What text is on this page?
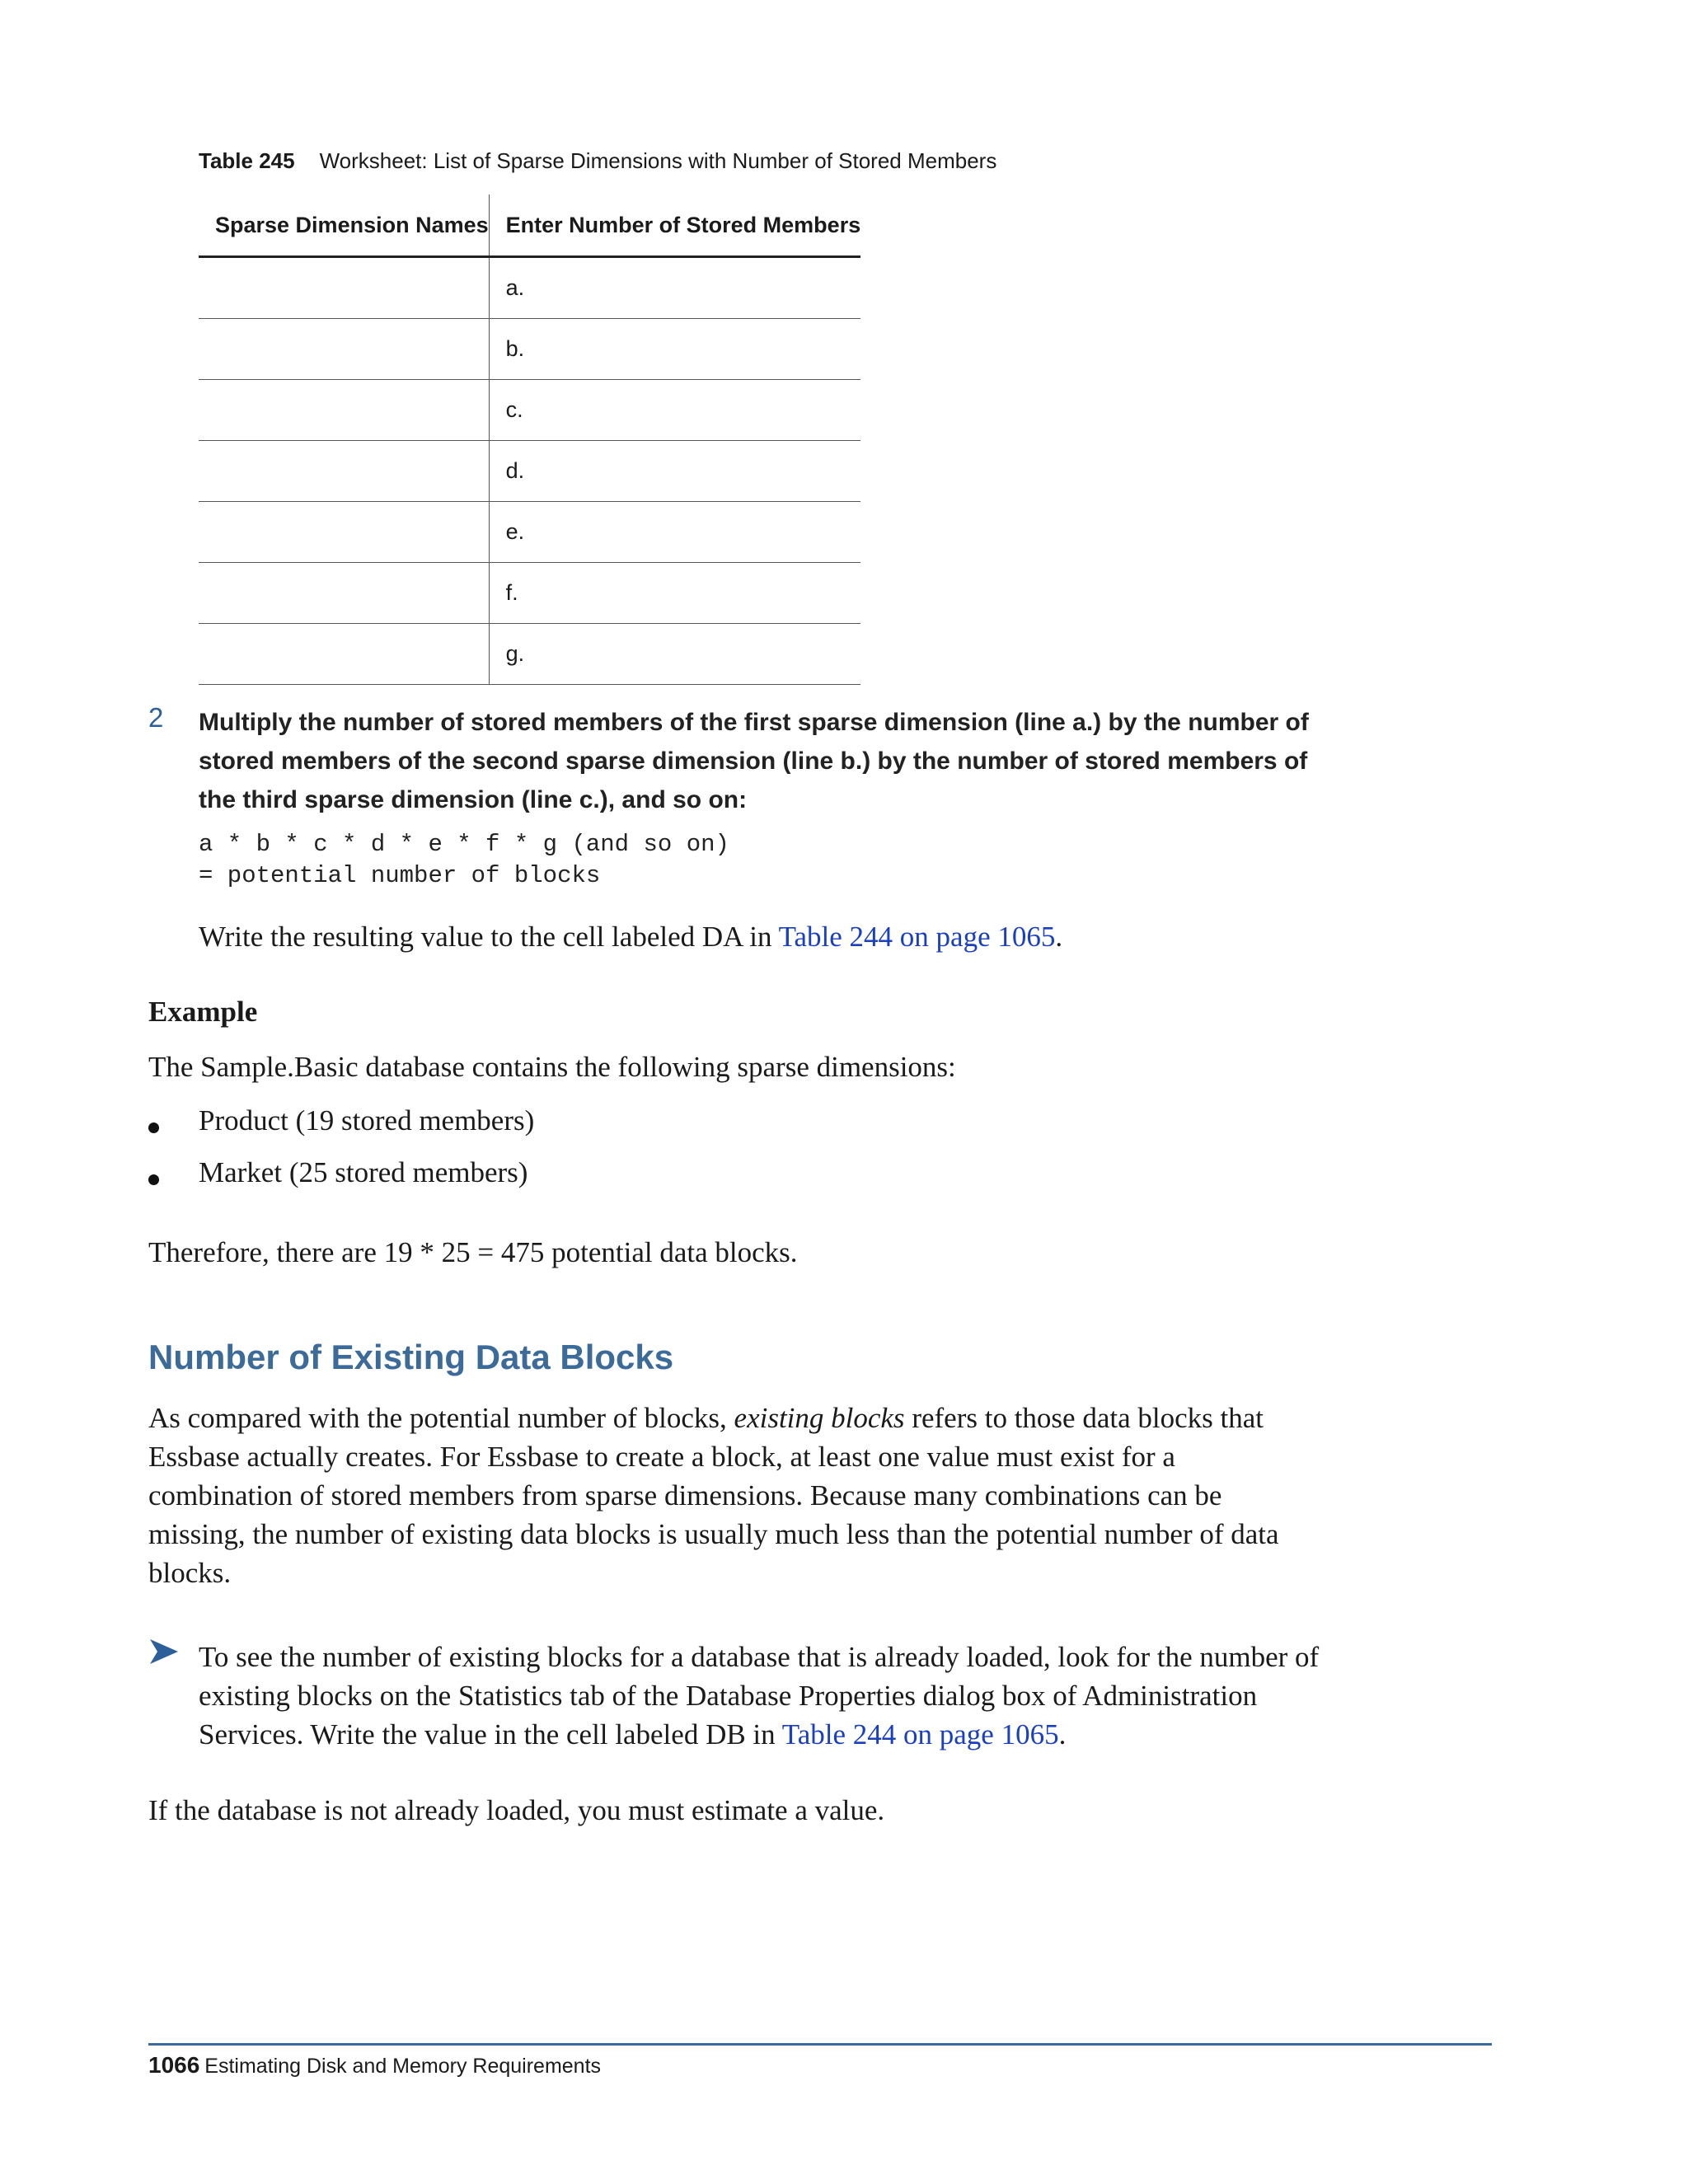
Table 245 Worksheet: List of Sparse Dimensions with Number of Stored Members
Sparse Dimension Names	Enter Number of Stored Members
	a.
	b.
	c.
	d.
	e.
	f.
	g.
2 Multiply the number of stored members of the first sparse dimension (line a.) by the number of stored members of the second sparse dimension (line b.) by the number of stored members of the third sparse dimension (line c.), and so on:
a * b * c * d * e * f * g (and so on)
= potential number of blocks
Write the resulting value to the cell labeled DA in Table 244 on page 1065.
Example
The Sample.Basic database contains the following sparse dimensions:
Product (19 stored members)
Market (25 stored members)
Therefore, there are 19 * 25 = 475 potential data blocks.
Number of Existing Data Blocks
As compared with the potential number of blocks, existing blocks refers to those data blocks that Essbase actually creates. For Essbase to create a block, at least one value must exist for a combination of stored members from sparse dimensions. Because many combinations can be missing, the number of existing data blocks is usually much less than the potential number of data blocks.
To see the number of existing blocks for a database that is already loaded, look for the number of existing blocks on the Statistics tab of the Database Properties dialog box of Administration Services. Write the value in the cell labeled DB in Table 244 on page 1065.
If the database is not already loaded, you must estimate a value.
1066 Estimating Disk and Memory Requirements
